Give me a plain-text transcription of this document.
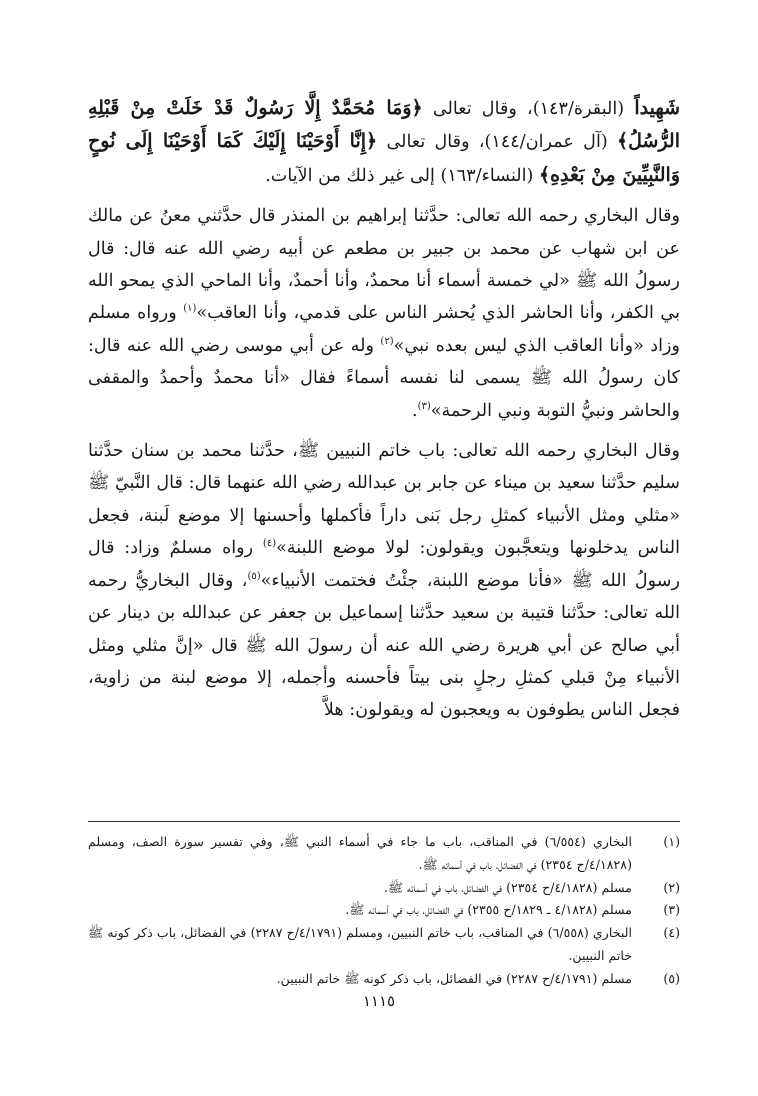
شَهِيداً (البقرة/١٤٣)، وقال تعالى ﴿وَمَا مُحَمَّدٌ إِلَّا رَسُولٌ قَدْ خَلَتْ مِنْ قَبْلِهِ الرُّسُلُ﴾ (آل عمران/١٤٤)، وقال تعالى ﴿إِنَّا أَوْحَيْنَا إِلَيْكَ كَمَا أَوْحَيْنَا إِلَى نُوحٍ وَالنَّبِيِّينَ مِنْ بَعْدِهِ﴾ (النساء/١٦٣) إلى غير ذلك من الآيات.

وقال البخاري رحمه الله تعالى: حدَّثنا إبراهيم بن المنذر قال حدَّثني معنُ عن مالك عن ابن شهاب عن محمد بن جبير بن مطعم عن أبيه رضي الله عنه قال: قال رسولُ الله ﷺ «لي خمسة أسماء أنا محمدٌ، وأنا أحمدٌ، وأنا الماحي الذي يمحو الله بي الكفر، وأنا الحاشر الذي يُحشر الناس على قدمي، وأنا العاقب»$^{(١)}$ ورواه مسلم وزاد «وأنا العاقب الذي ليس بعده نبي»$^{(٢)}$ وله عن أبي موسى رضي الله عنه قال: كان رسولُ الله ﷺ يسمى لنا نفسه أسماءً فقال «أنا محمدٌ وأحمدُ والمقفى والحاشر ونبيُّ التوبة ونبي الرحمة»$^{(٣)}$.

وقال البخاري رحمه الله تعالى: باب خاتم النبيين ﷺ، حدَّثنا محمد بن سنان حدَّثنا سليم حدَّثنا سعيد بن ميناء عن جابر بن عبدالله رضي الله عنهما قال: قال النَّبيّ ﷺ «مثلي ومثل الأنبياء كمثلِ رجل بَنى داراً فأكملها وأحسنها إلا موضع لَبنة، فجعل الناس يدخلونها ويتعجَّبون ويقولون: لولا موضع اللبنة»$^{(٤)}$ رواه مسلمٌ وزاد: قال رسولُ الله ﷺ «فأنا موضع اللبنة، جئْتُ فختمت الأنبياء»$^{(٥)}$، وقال البخاريُّ رحمه الله تعالى: حدَّثنا قتيبة بن سعيد حدَّثنا إسماعيل بن جعفر عن عبدالله بن دينار عن أبي صالح عن أبي هريرة رضي الله عنه أن رسولَ الله ﷺ قال «إنَّ مثلي ومثل الأنبياء مِنْ قبلي كمثلِ رجلٍ بنى بيتاً فأحسنه وأجمله، إلا موضع لبنة من زاوية، فجعل الناس يطوفون به ويعجبون له ويقولون: هلاَّ

(١)
البخاري (٦/٥٥٤) في المناقب، باب ما جاء في أسماء النبي ﷺ، وفي تفسير سورة الصف، ومسلم (٤/١٨٢٨/ح ٢٣٥٤) في الفضائل، باب في أسمائه ﷺ.
(٢)
مسلم (٤/١٨٢٨/ح ٢٣٥٤) في الفضائل، باب في أسمائه ﷺ.
(٣)
مسلم (٤/١٨٢٨ ـ ١٨٢٩/ح ٢٣٥٥) في الفضائل، باب في أسمائه ﷺ.
(٤)
البخاري (٦/٥٥٨) في المناقب، باب خاتم النبيين، ومسلم (٤/١٧٩١/ح ٢٢٨٧) في الفضائل، باب ذكر كونه ﷺ خاتم النبيين.
(٥)
مسلم (٤/١٧٩١/ح ٢٢٨٧) في الفضائل، باب ذكر كونه ﷺ خاتم النبيين.
١١١٥
